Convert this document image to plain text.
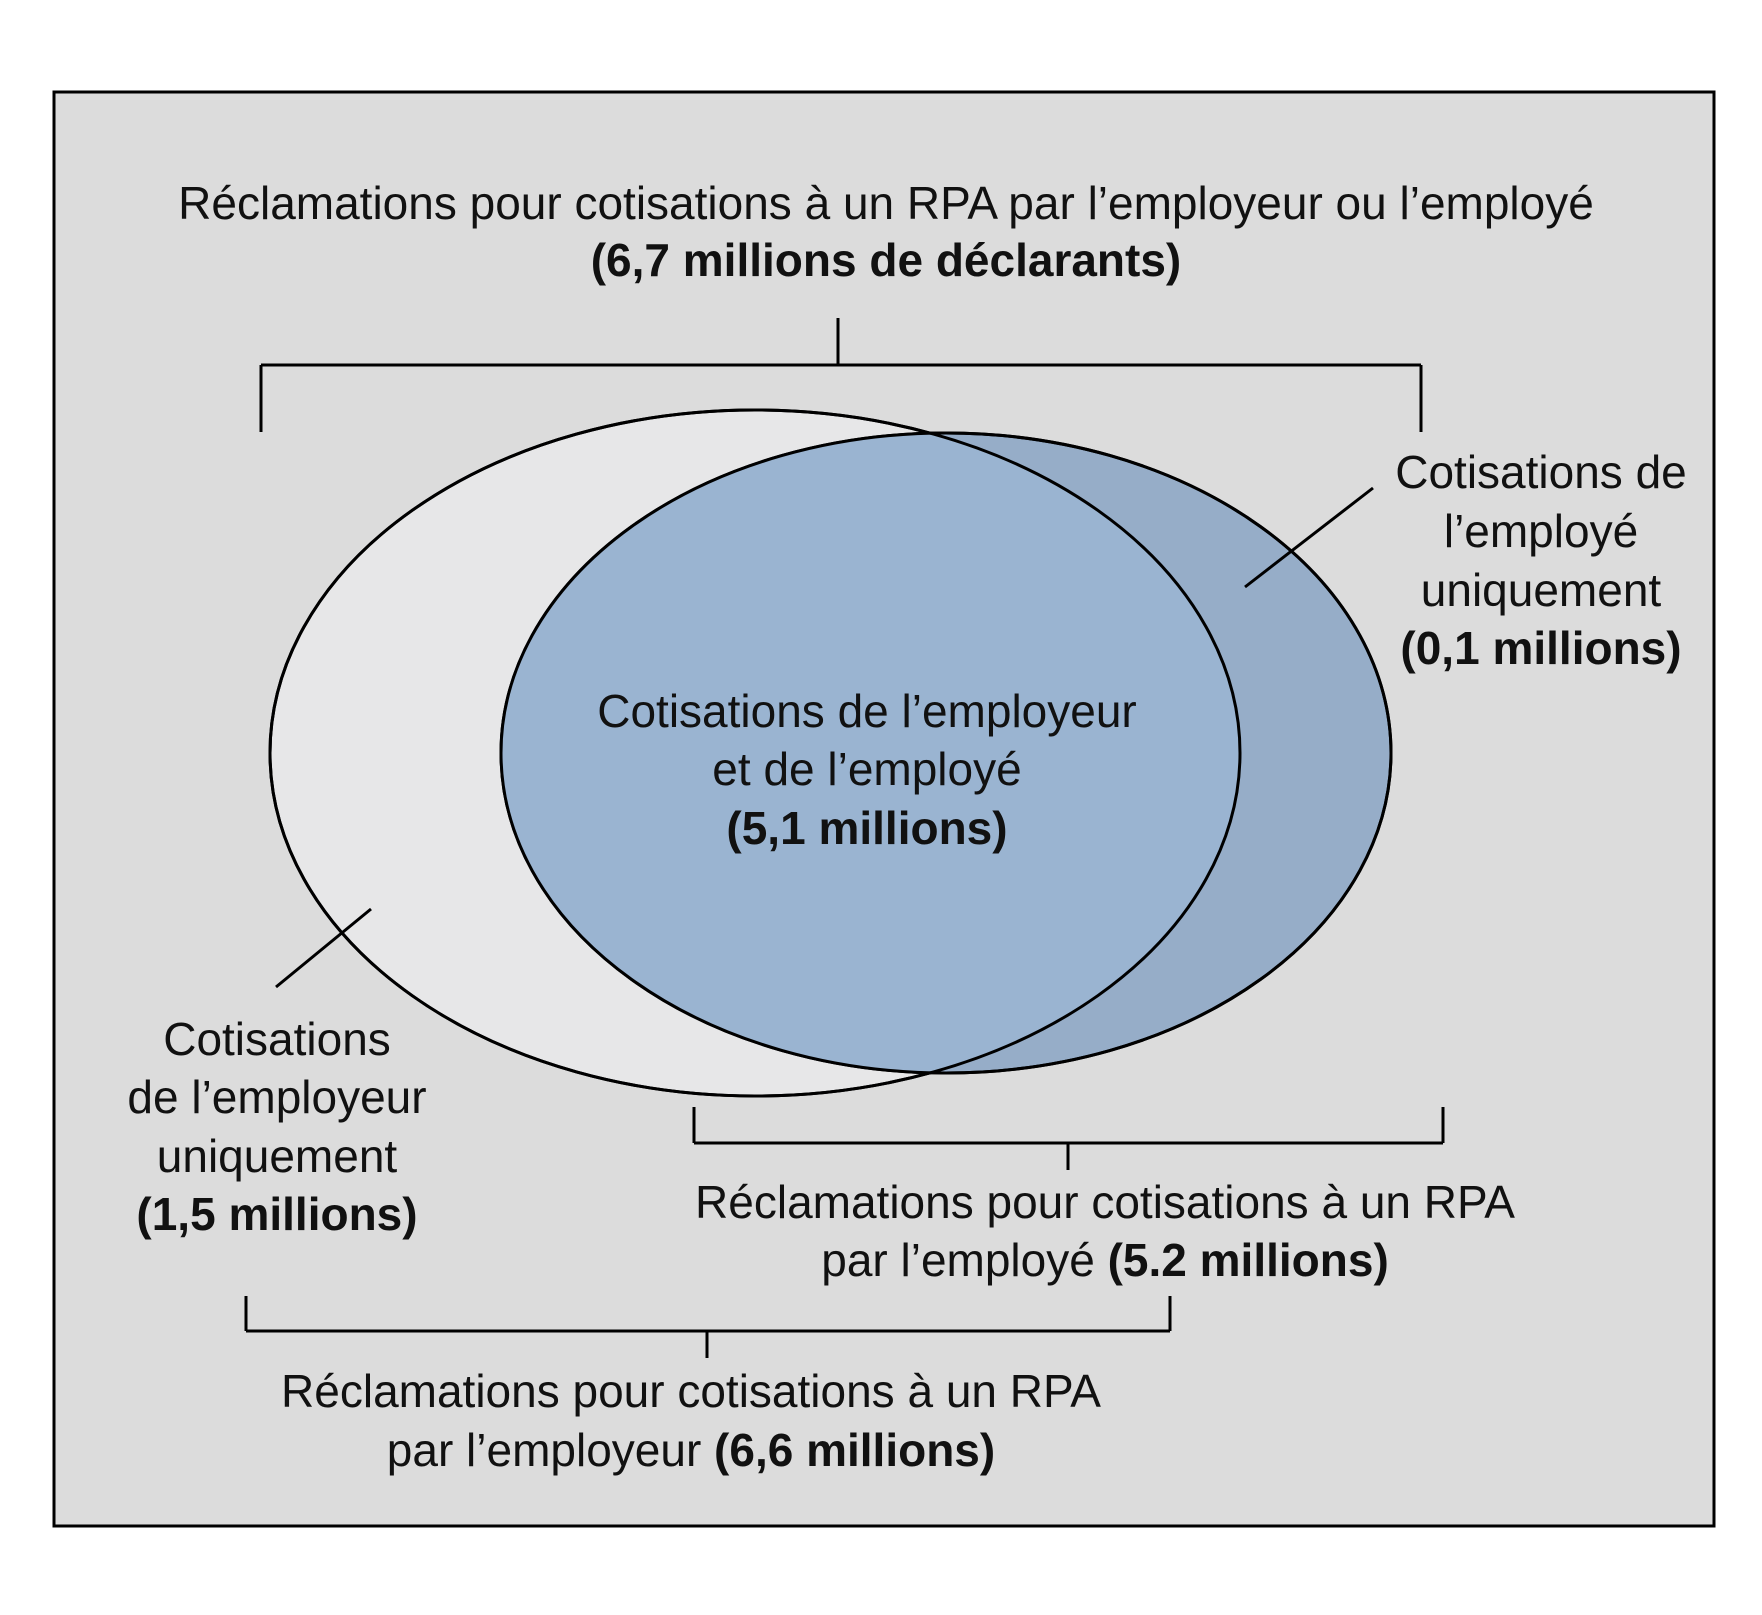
Réclamations pour cotisations à un RPA par l’employeur ou l’employé
(6,7 millions de déclarants)
Cotisations de
l’employé
uniquement
(0,1 millions)
Cotisations de l’employeur
et de l’employé
(5,1 millions)
Cotisations
de l’employeur
uniquement
(1,5 millions)	Réclamations pour cotisations à un RPA
par l’employé (5.2 millions)
Réclamations pour cotisations à un RPA
par l’employeur (6,6 millions)
